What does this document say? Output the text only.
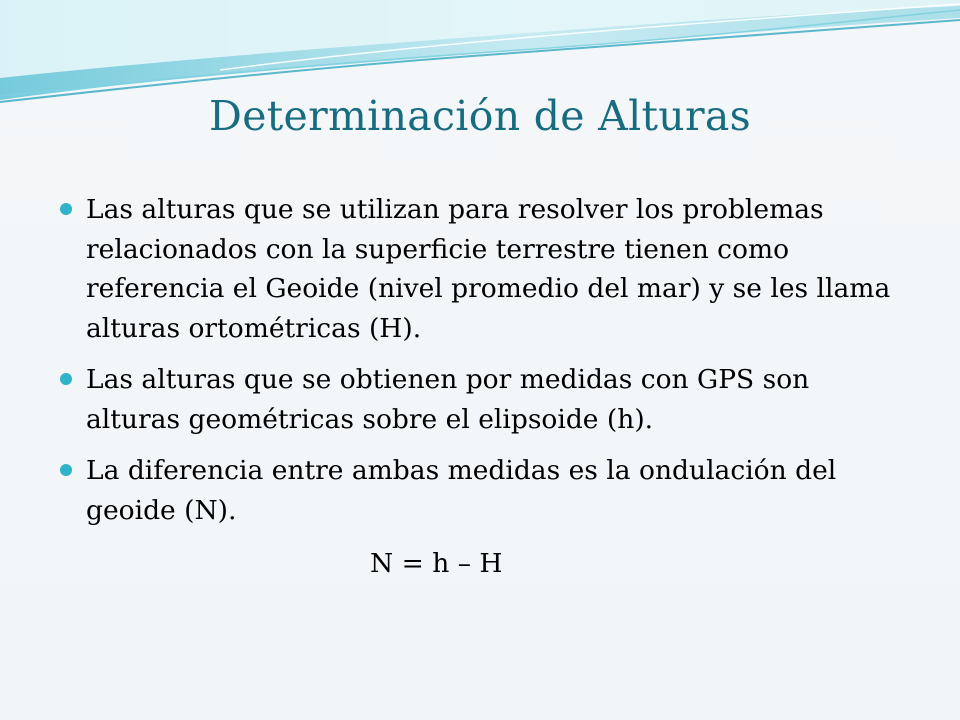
Determinación de Alturas
Las alturas que se utilizan para resolver los problemas relacionados con la superficie terrestre tienen como referencia el Geoide (nivel promedio del mar) y se les llama alturas ortométricas (H).
Las alturas que se obtienen por medidas con GPS son alturas geométricas sobre el elipsoide (h).
La diferencia entre ambas medidas es la ondulación del geoide (N).
N = h – H
